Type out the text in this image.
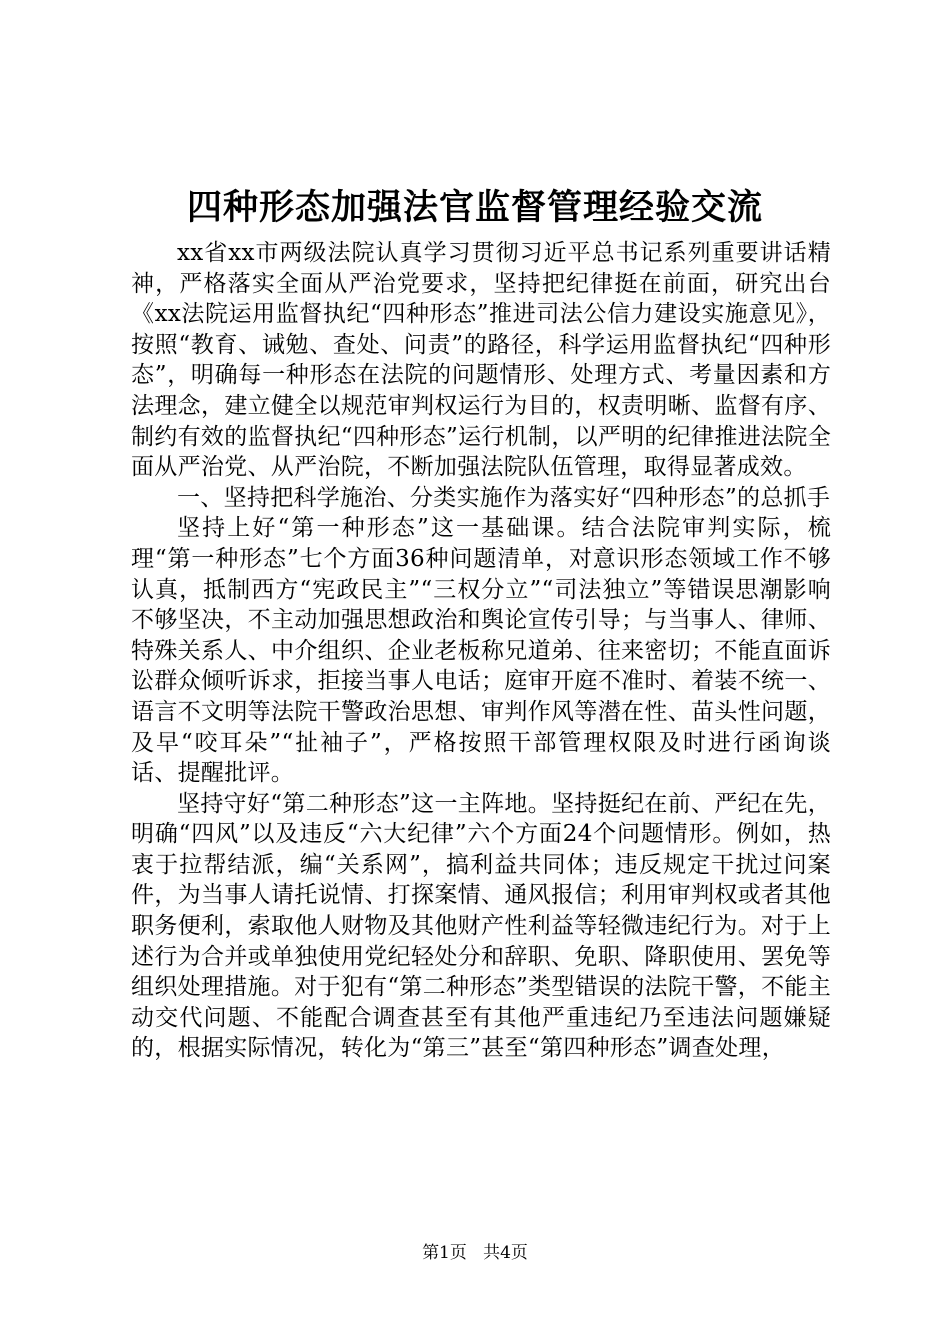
四种形态加强法官监督管理经验交流

xx省xx市两级法院认真学习贯彻习近平总书记系列重要讲话精神，严格落实全面从严治党要求，坚持把纪律挺在前面，研究出台《xx法院运用监督执纪“四种形态”推进司法公信力建设实施意见》，按照“教育、诫勉、查处、问责”的路径，科学运用监督执纪“四种形态”，明确每一种形态在法院的问题情形、处理方式、考量因素和方法理念，建立健全以规范审判权运行为目的，权责明晰、监督有序、制约有效的监督执纪“四种形态”运行机制，以严明的纪律推进法院全面从严治党、从严治院，不断加强法院队伍管理，取得显著成效。

一、坚持把科学施治、分类实施作为落实好“四种形态”的总抓手

坚持上好“第一种形态”这一基础课。结合法院审判实际，梳理“第一种形态”七个方面36种问题清单，对意识形态领域工作不够认真，抵制西方“宪政民主”“三权分立”“司法独立”等错误思潮影响不够坚决，不主动加强思想政治和舆论宣传引导；与当事人、律师、特殊关系人、中介组织、企业老板称兄道弟、往来密切；不能直面诉讼群众倾听诉求，拒接当事人电话；庭审开庭不准时、着装不统一、语言不文明等法院干警政治思想、审判作风等潜在性、苗头性问题，及早“咬耳朵”“扯袖子”，严格按照干部管理权限及时进行函询谈话、提醒批评。

坚持守好“第二种形态”这一主阵地。坚持挺纪在前、严纪在先，明确“四风”以及违反“六大纪律”六个方面24个问题情形。例如，热衷于拉帮结派，编“关系网”，搞利益共同体；违反规定干扰过问案件，为当事人请托说情、打探案情、通风报信；利用审判权或者其他职务便利，索取他人财物及其他财产性利益等轻微违纪行为。对于上述行为合并或单独使用党纪轻处分和辞职、免职、降职使用、罢免等组织处理措施。对于犯有“第二种形态”类型错误的法院干警，不能主动交代问题、不能配合调查甚至有其他严重违纪乃至违法问题嫌疑的，根据实际情况，转化为“第三”甚至“第四种形态”调查处理，

第1页 共4页
